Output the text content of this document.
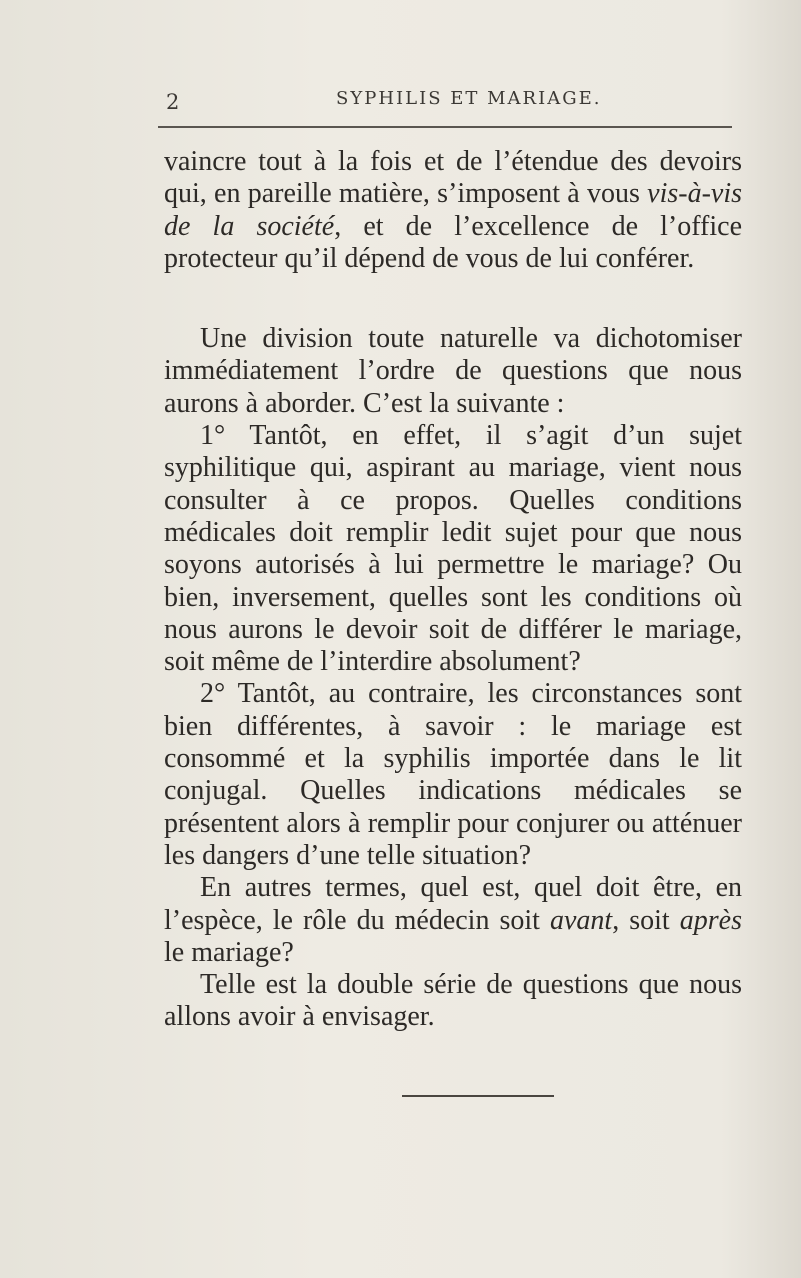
2	SYPHILIS ET MARIAGE.

vaincre tout à la fois et de l’étendue des devoirs qui, en pareille matière, s’imposent à vous vis-à-vis de la société, et de l’excellence de l’office protecteur qu’il dépend de vous de lui conférer.

Une division toute naturelle va dichotomiser immédiatement l’ordre de questions que nous aurons à aborder. C’est la suivante :

1° Tantôt, en effet, il s’agit d’un sujet syphilitique qui, aspirant au mariage, vient nous consulter à ce propos. Quelles conditions médicales doit remplir ledit sujet pour que nous soyons autorisés à lui permettre le mariage? Ou bien, inversement, quelles sont les conditions où nous aurons le devoir soit de différer le mariage, soit même de l’interdire absolument?

2° Tantôt, au contraire, les circonstances sont bien différentes, à savoir : le mariage est consommé et la syphilis importée dans le lit conjugal. Quelles indications médicales se présentent alors à remplir pour conjurer ou atténuer les dangers d’une telle situation?

En autres termes, quel est, quel doit être, en l’espèce, le rôle du médecin soit avant, soit après le mariage?

Telle est la double série de questions que nous allons avoir à envisager.
